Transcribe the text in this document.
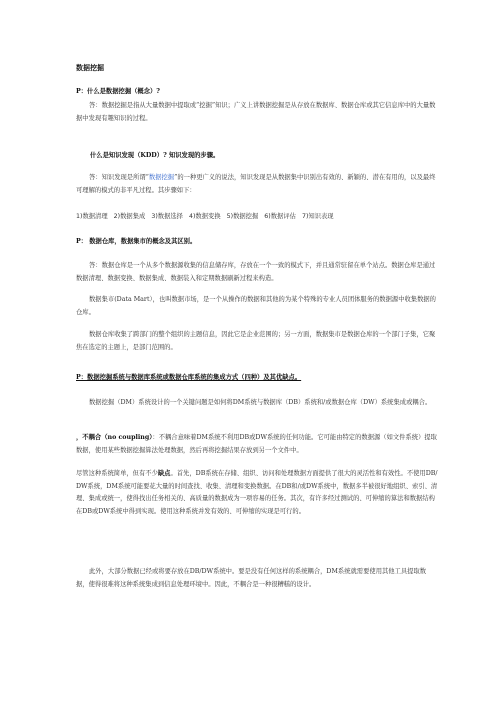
数据挖掘
P：什么是数据挖掘（概念）?
答：数据挖掘是指从大量数据中提取或“挖掘”知识；广义上讲数据挖掘是从存放在数据库、数据仓库或其它信息库中的大量数据中发现有趣知识的过程。
什么是知识发现（KDD）? 知识发现的步骤。
答：知识发现是所谓“数据挖掘”的一种更广义的说法，知识发现是从数据集中识别出有效的、新颖的、潜在有用的，以及最终可理解的模式的非平凡过程。其步骤如下：
1)数据清理 2)数据集成 3)数据选择 4)数据变换 5)数据挖掘 6)数据评估 7)知识表现
P： 数据仓库，数据集市的概念及其区别。
答：数据仓库是一个从多个数据源收集的信息储存库，存放在一个一致的模式下，并且通常驻留在单个站点。数据仓库是通过数据清理、数据变换、数据集成、数据装入和定期数据刷新过程来构造。
数据集市(Data Mart），也叫数据市场，是一个从操作的数据和其他的为某个特殊的专业人员团体服务的数据源中收集数据的仓库。
数据仓库收集了跨部门的整个组织的主题信息，因此它是企业范围的；另一方面，数据集市是数据仓库的一个部门子集，它聚焦在选定的主题上，是部门范围的。
P：数据挖掘系统与数据库系统或数据仓库系统的集成方式（四种）及其优缺点。
数据挖掘（DM）系统设计的一个关键问题是如何将DM系统与数据库（DB）系统和/或数据仓库（DW）系统集成或耦合。
，不耦合（no coupling）：不耦合意味着DM系统不利用DB或DW系统的任何功能。它可能由特定的数据源（如文件系统）提取数据，使用某些数据挖掘算法处理数据，然后再将挖掘结果存放到另一个文件中。
尽管这种系统简单，但有不少缺点。首先，DB系统在存储、组织、访问和处理数据方面提供了很大的灵活性和有效性。不使用DB/DW系统，DM系统可能要花大量的时间查找、收集、清理和变换数据。在DB和/或DW系统中，数据多半被很好地组织、索引、清理、集成或统一，使得找出任务相关的、高质量的数据成为一项容易的任务。其次，有许多经过测试的、可伸缩的算法和数据结构在DB或DW系统中得到实现。使用这种系统并发有效的、可伸缩的实现是可行的。
此外，大部分数据已经或将要存放在DB/DW系统中。要是没有任何这样的系统耦合，DM系统就需要使用其他工具提取数据，使得很难将这种系统集成到信息处理环境中。因此，不耦合是一种很糟糕的设计。
